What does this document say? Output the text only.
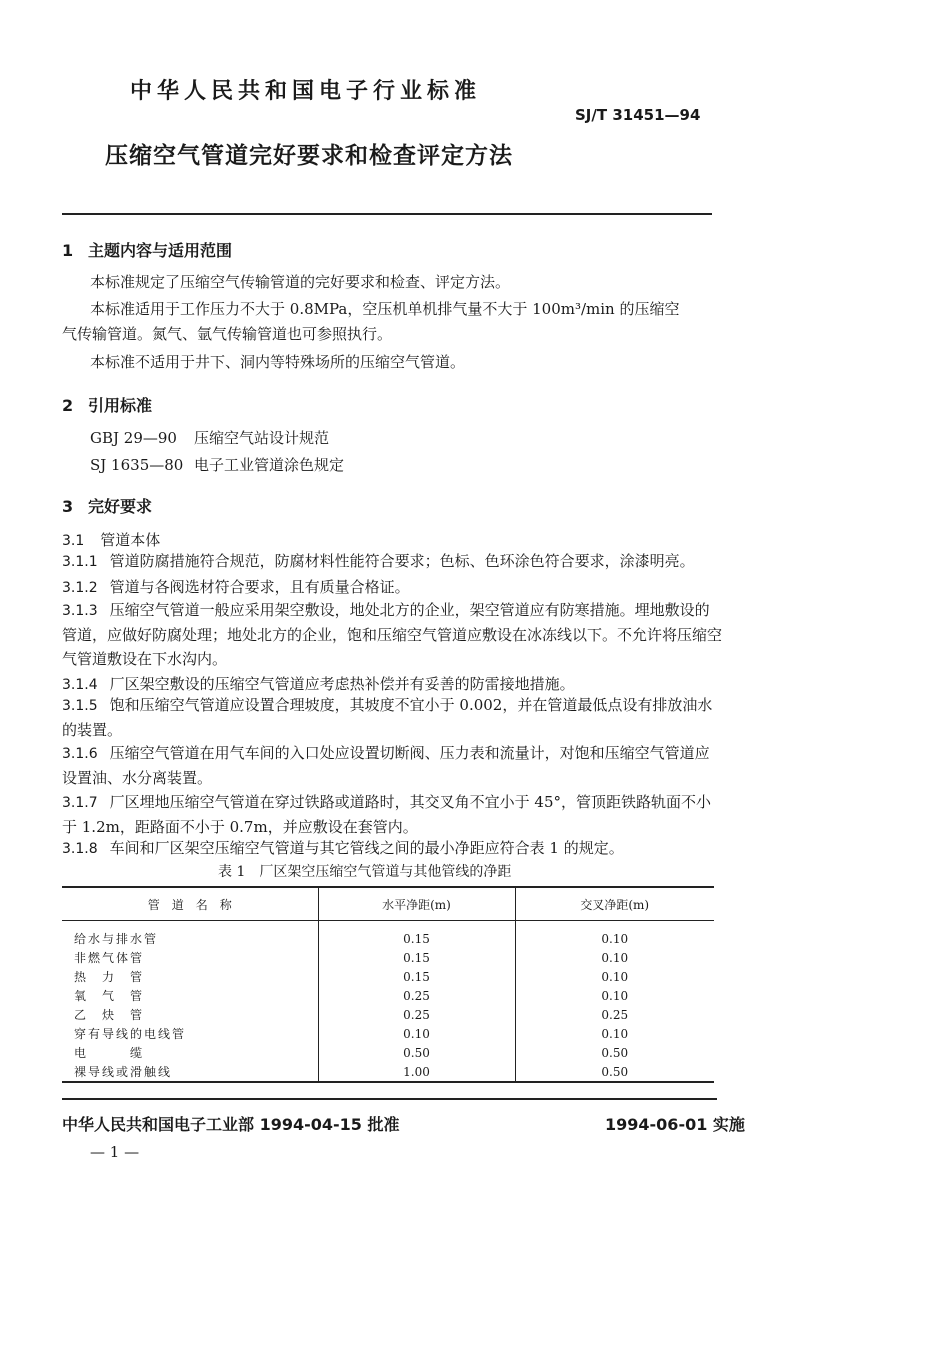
中华人民共和国电子行业标准
SJ/T 31451—94
压缩空气管道完好要求和检查评定方法
1 主题内容与适用范围
本标准规定了压缩空气传输管道的完好要求和检查、评定方法。
本标准适用于工作压力不大于 0.8MPa，空压机单机排气量不大于 100m³/min 的压缩空
气传输管道。氮气、氩气传输管道也可参照执行。
本标准不适用于井下、洞内等特殊场所的压缩空气管道。
2 引用标准
GBJ 29—90 压缩空气站设计规范
SJ 1635—80 电子工业管道涂色规定
3 完好要求
3.1 管道本体
3.1.1 管道防腐措施符合规范，防腐材料性能符合要求；色标、色环涂色符合要求，涂漆明亮。
3.1.2 管道与各阀选材符合要求，且有质量合格证。
3.1.3 压缩空气管道一般应采用架空敷设，地处北方的企业，架空管道应有防寒措施。埋地敷设的管道，应做好防腐处理；地处北方的企业，饱和压缩空气管道应敷设在冰冻线以下。不允许将压缩空气管道敷设在下水沟内。
3.1.4 厂区架空敷设的压缩空气管道应考虑热补偿并有妥善的防雷接地措施。
3.1.5 饱和压缩空气管道应设置合理坡度，其坡度不宜小于 0.002，并在管道最低点设有排放油水的装置。
3.1.6 压缩空气管道在用气车间的入口处应设置切断阀、压力表和流量计，对饱和压缩空气管道应设置油、水分离装置。
3.1.7 厂区埋地压缩空气管道在穿过铁路或道路时，其交叉角不宜小于 45°，管顶距铁路轨面不小于 1.2m，距路面不小于 0.7m，并应敷设在套管内。
3.1.8 车间和厂区架空压缩空气管道与其它管线之间的最小净距应符合表 1 的规定。
表 1　厂区架空压缩空气管道与其他管线的净距
管　道　名　称	水平净距(m)	交叉净距(m)
给水与排水管	0.15	0.10
非燃气体管	0.15	0.10
热　力　管	0.15	0.10
氧　气　管	0.25	0.10
乙　炔　管	0.25	0.25
穿有导线的电线管	0.10	0.10
电　　　缆	0.50	0.50
裸导线或滑触线	1.00	0.50
中华人民共和国电子工业部 1994-04-15 批准	1994-06-01 实施
— 1 —
